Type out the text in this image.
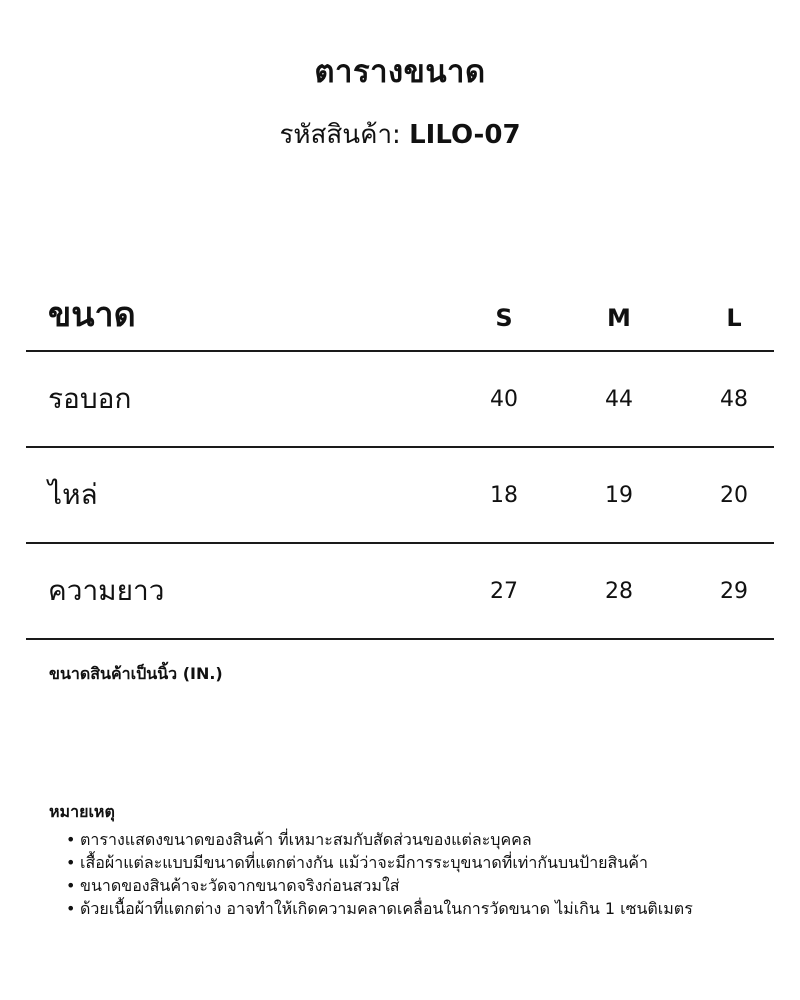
ตารางขนาด
รหัสสินค้า: LILO-07
ขนาด	S	M	L
รอบอก	40	44	48
ไหล่	18	19	20
ความยาว	27	28	29
ขนาดสินค้าเป็นนิ้ว (IN.)
หมายเหตุ
• ตารางแสดงขนาดของสินค้า ที่เหมาะสมกับสัดส่วนของแต่ละบุคคล
• เสื้อผ้าแต่ละแบบมีขนาดที่แตกต่างกัน แม้ว่าจะมีการระบุขนาดที่เท่ากันบนป้ายสินค้า
• ขนาดของสินค้าจะวัดจากขนาดจริงก่อนสวมใส่
• ด้วยเนื้อผ้าที่แตกต่าง อาจทำให้เกิดความคลาดเคลื่อนในการวัดขนาด ไม่เกิน 1 เซนติเมตร
